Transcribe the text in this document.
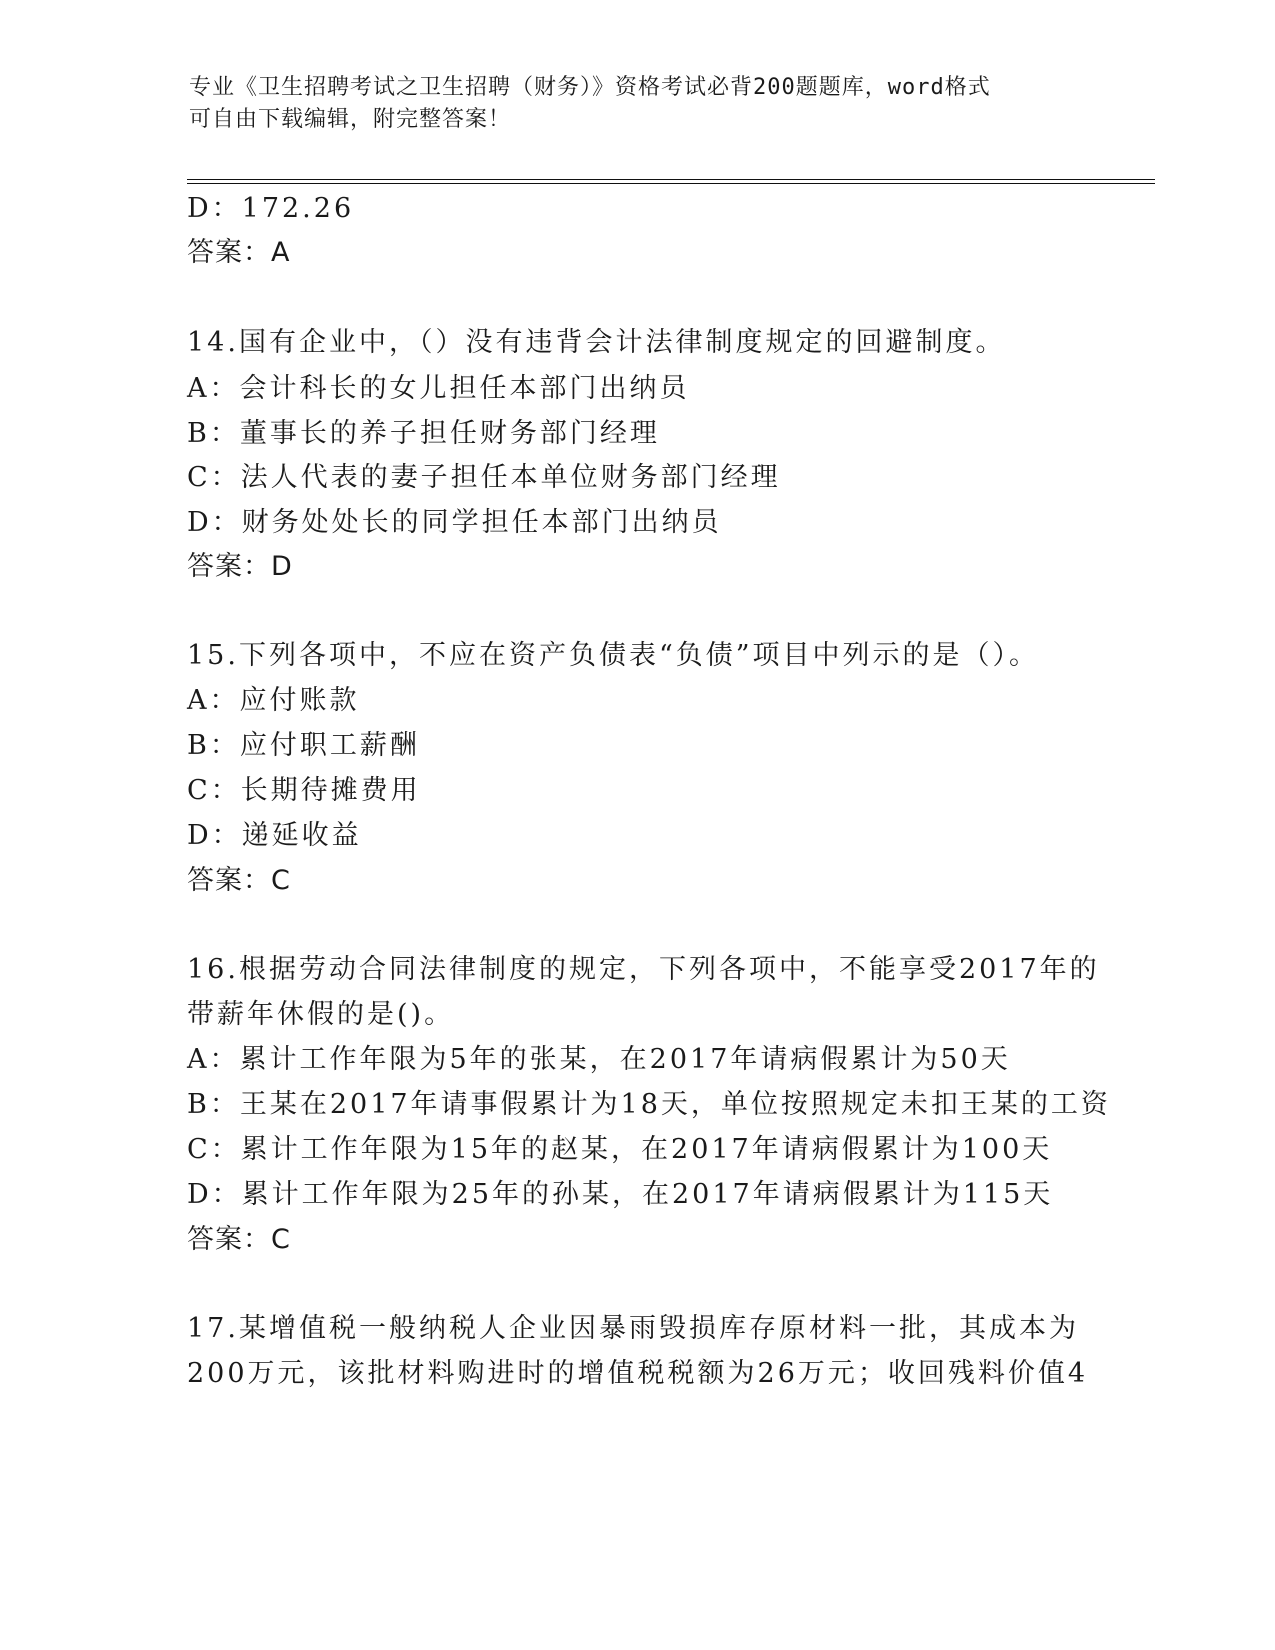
专业《卫生招聘考试之卫生招聘（财务）》资格考试必背200题题库，word格式
可自由下载编辑，附完整答案！
D：172.26
答案：A
14.国有企业中，（）没有违背会计法律制度规定的回避制度。
A：会计科长的女儿担任本部门出纳员
B：董事长的养子担任财务部门经理
C：法人代表的妻子担任本单位财务部门经理
D：财务处处长的同学担任本部门出纳员
答案：D
15.下列各项中，不应在资产负债表“负债”项目中列示的是（）。
A：应付账款
B：应付职工薪酬
C：长期待摊费用
D：递延收益
答案：C
16.根据劳动合同法律制度的规定，下列各项中，不能享受2017年的
带薪年休假的是()。
A：累计工作年限为5年的张某，在2017年请病假累计为50天
B：王某在2017年请事假累计为18天，单位按照规定未扣王某的工资
C：累计工作年限为15年的赵某，在2017年请病假累计为100天
D：累计工作年限为25年的孙某，在2017年请病假累计为115天
答案：C
17.某增值税一般纳税人企业因暴雨毁损库存原材料一批，其成本为
200万元，该批材料购进时的增值税税额为26万元；收回残料价值4
